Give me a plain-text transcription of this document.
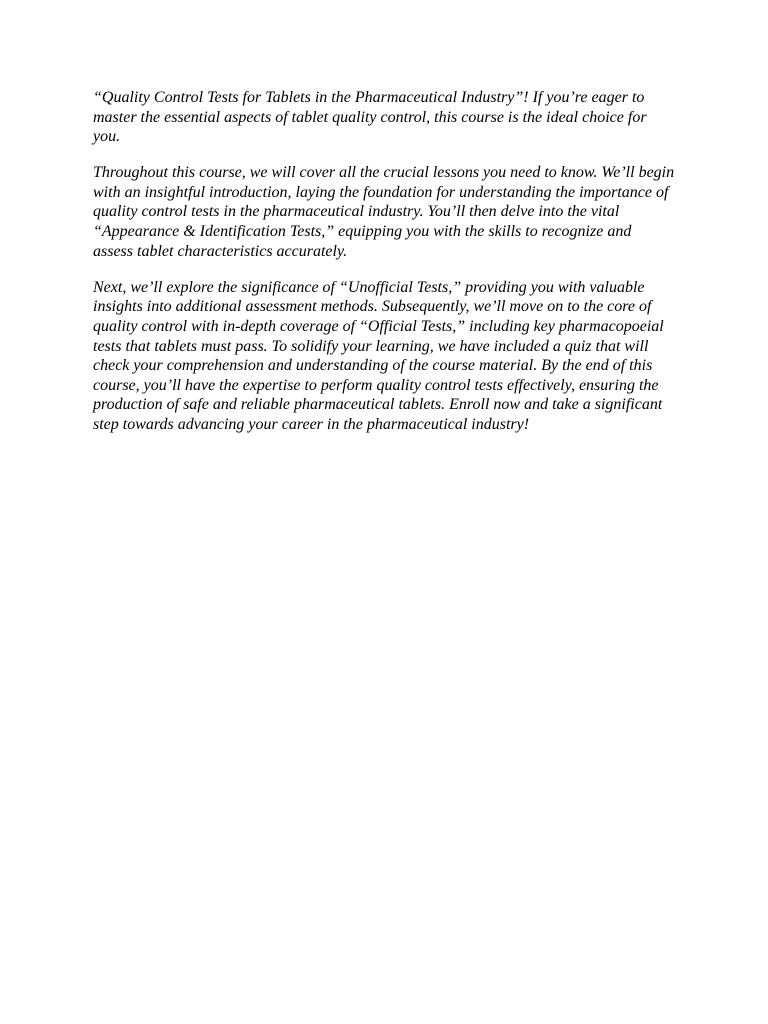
“Quality Control Tests for Tablets in the Pharmaceutical Industry”! If you’re eager to master the essential aspects of tablet quality control, this course is the ideal choice for you.

Throughout this course, we will cover all the crucial lessons you need to know. We’ll begin with an insightful introduction, laying the foundation for understanding the importance of quality control tests in the pharmaceutical industry. You’ll then delve into the vital “Appearance & Identification Tests,” equipping you with the skills to recognize and assess tablet characteristics accurately.

Next, we’ll explore the significance of “Unofficial Tests,” providing you with valuable insights into additional assessment methods. Subsequently, we’ll move on to the core of quality control with in-depth coverage of “Official Tests,” including key pharmacopoeial tests that tablets must pass. To solidify your learning, we have included a quiz that will check your comprehension and understanding of the course material. By the end of this course, you’ll have the expertise to perform quality control tests effectively, ensuring the production of safe and reliable pharmaceutical tablets. Enroll now and take a significant step towards advancing your career in the pharmaceutical industry!
